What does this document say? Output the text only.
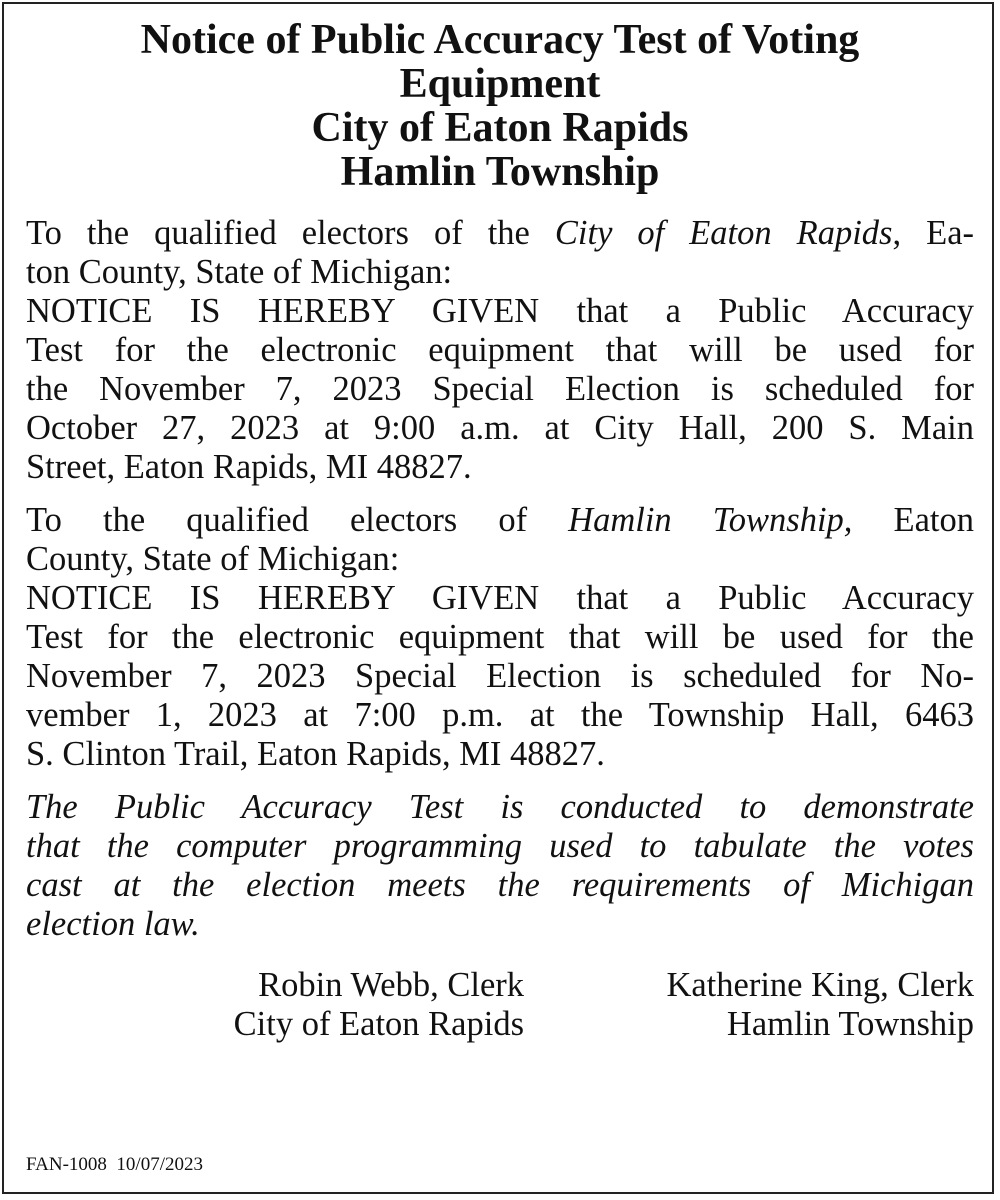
Notice of Public Accuracy Test of Voting
Equipment
City of Eaton Rapids
Hamlin Township
To the qualified electors of the City of Eaton Rapids, Ea-
ton County, State of Michigan:
NOTICE IS HEREBY GIVEN that a Public Accuracy
Test for the electronic equipment that will be used for
the November 7, 2023 Special Election is scheduled for
October 27, 2023 at 9:00 a.m. at City Hall, 200 S. Main
Street, Eaton Rapids, MI 48827.
To the qualified electors of Hamlin Township, Eaton
County, State of Michigan:
NOTICE IS HEREBY GIVEN that a Public Accuracy
Test for the electronic equipment that will be used for the
November 7, 2023 Special Election is scheduled for No-
vember 1, 2023 at 7:00 p.m. at the Township Hall, 6463
S. Clinton Trail, Eaton Rapids, MI 48827.
The Public Accuracy Test is conducted to demonstrate
that the computer programming used to tabulate the votes
cast at the election meets the requirements of Michigan
election law.
Robin Webb, Clerk
City of Eaton Rapids
Katherine King, Clerk
Hamlin Township
FAN-1008  10/07/2023
